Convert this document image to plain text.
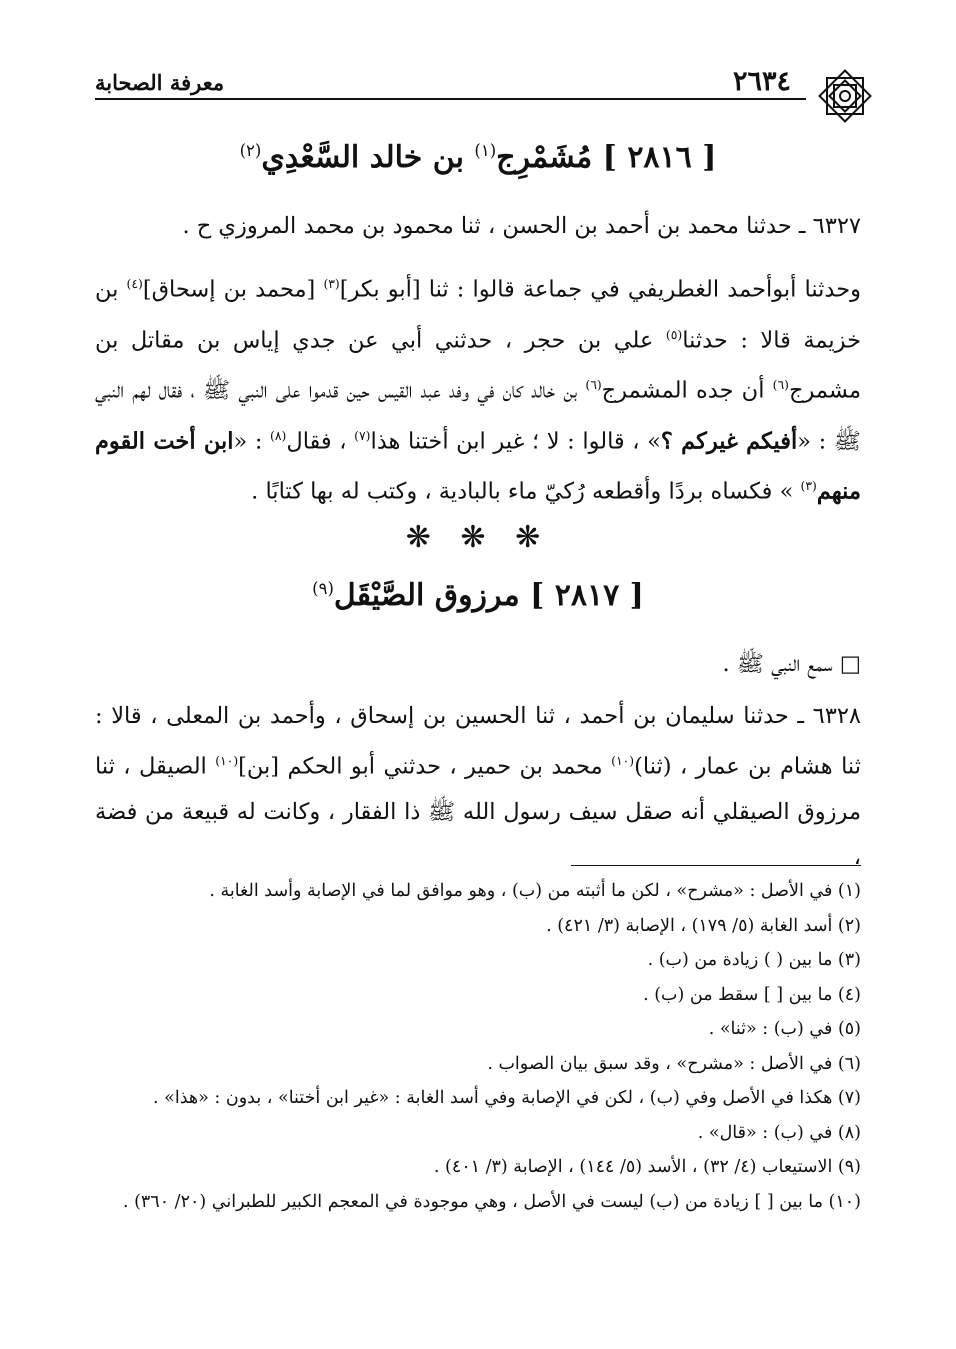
٢٦٣٤
معرفة الصحابة
[ ٢٨١٦ ] مُشَمْرِج$^{(١)}$ بن خالد السَّعْدِي$^{(٢)}$
٦٣٢٧ ـ حدثنا محمد بن أحمد بن الحسن ، ثنا محمود بن محمد المروزي ح .
وحدثنا أبوأحمد الغطريفي في جماعة قالوا : ثنا [أبو بكر]$^{(٣)}$ [محمد بن إسحاق]$^{(٤)}$ بن خزيمة قالا : حدثنا$^{(٥)}$ علي بن حجر ، حدثني أبي عن جدي إياس بن مقاتل بن مشمرج$^{(٦)}$ أن جده المشمرج$^{(٦)}$ بن خالد كان في وفد عبد القيس حين قدموا على النبي ﷺ ، فقال لهم النبي ﷺ : «أفيكم غيركم ؟» ، قالوا : لا ؛ غير ابن أختنا هذا$^{(٧)}$ ، فقال$^{(٨)}$ : «ابن أخت القوم منهم$^{(٣)}$ » فكساه بردًا وأقطعه رُكيّ ماء بالبادية ، وكتب له بها كتابًا .
❋ ❋ ❋
[ ٢٨١٧ ] مرزوق الصَّيْقَل$^{(٩)}$
□ سمع النبي ﷺ .
٦٣٢٨ ـ حدثنا سليمان بن أحمد ، ثنا الحسين بن إسحاق ، وأحمد بن المعلى ، قالا : ثنا هشام بن عمار ، (ثنا)$^{(١٠)}$ محمد بن حمير ، حدثني أبو الحكم [بن]$^{(١٠)}$ الصيقل ، ثنا مرزوق الصيقلي أنه صقل سيف رسول الله ﷺ ذا الفقار ، وكانت له قبيعة من فضة ،
(١) في الأصل : «مشرح» ، لكن ما أثبته من (ب) ، وهو موافق لما في الإصابة وأسد الغابة .
(٢) أسد الغابة (٥/ ١٧٩) ، الإصابة (٣/ ٤٢١) .
(٣) ما بين ( ) زيادة من (ب) .
(٤) ما بين [ ] سقط من (ب) .
(٥) في (ب) : «ثنا» .
(٦) في الأصل : «مشرح» ، وقد سبق بيان الصواب .
(٧) هكذا في الأصل وفي (ب) ، لكن في الإصابة وفي أسد الغابة : «غير ابن أختنا» ، بدون : «هذا» .
(٨) في (ب) : «قال» .
(٩) الاستيعاب (٤/ ٣٢) ، الأسد (٥/ ١٤٤) ، الإصابة (٣/ ٤٠١) .
(١٠) ما بين [ ] زيادة من (ب) ليست في الأصل ، وهي موجودة في المعجم الكبير للطبراني (٢٠/ ٣٦٠) .
